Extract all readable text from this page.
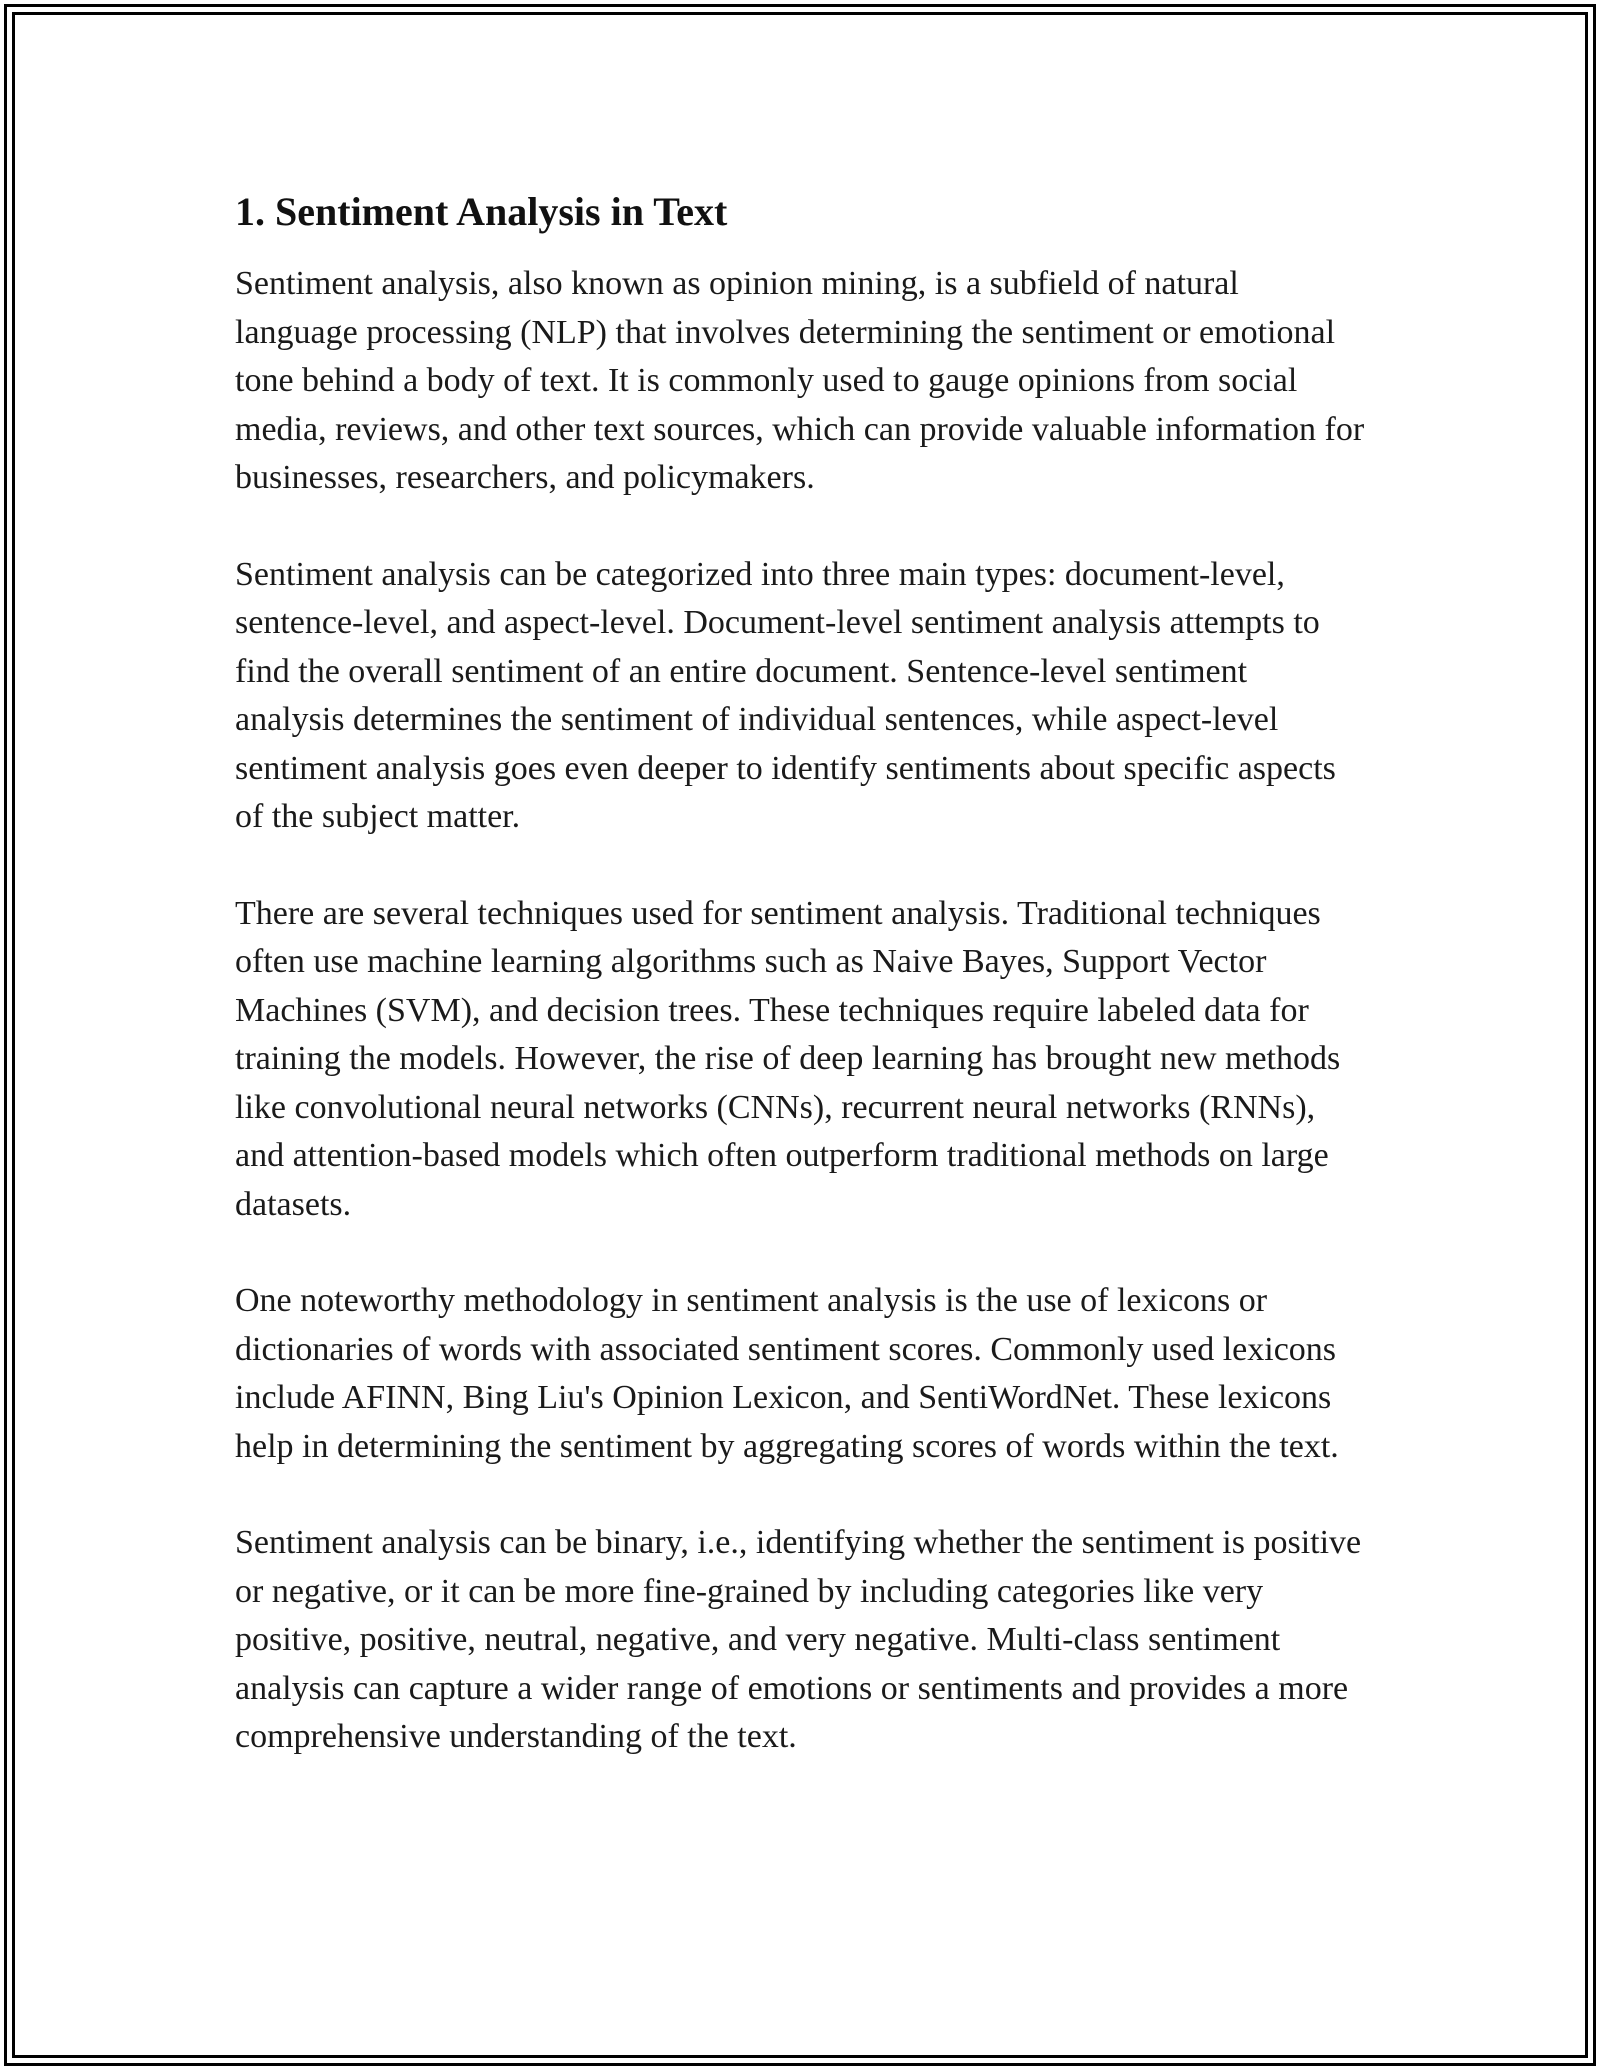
1. Sentiment Analysis in Text

Sentiment analysis, also known as opinion mining, is a subfield of natural language processing (NLP) that involves determining the sentiment or emotional tone behind a body of text. It is commonly used to gauge opinions from social media, reviews, and other text sources, which can provide valuable information for businesses, researchers, and policymakers.

Sentiment analysis can be categorized into three main types: document-level, sentence-level, and aspect-level. Document-level sentiment analysis attempts to find the overall sentiment of an entire document. Sentence-level sentiment analysis determines the sentiment of individual sentences, while aspect-level sentiment analysis goes even deeper to identify sentiments about specific aspects of the subject matter.

There are several techniques used for sentiment analysis. Traditional techniques often use machine learning algorithms such as Naive Bayes, Support Vector Machines (SVM), and decision trees. These techniques require labeled data for training the models. However, the rise of deep learning has brought new methods like convolutional neural networks (CNNs), recurrent neural networks (RNNs), and attention-based models which often outperform traditional methods on large datasets.

One noteworthy methodology in sentiment analysis is the use of lexicons or dictionaries of words with associated sentiment scores. Commonly used lexicons include AFINN, Bing Liu's Opinion Lexicon, and SentiWordNet. These lexicons help in determining the sentiment by aggregating scores of words within the text.

Sentiment analysis can be binary, i.e., identifying whether the sentiment is positive or negative, or it can be more fine-grained by including categories like very positive, positive, neutral, negative, and very negative. Multi-class sentiment analysis can capture a wider range of emotions or sentiments and provides a more comprehensive understanding of the text.
